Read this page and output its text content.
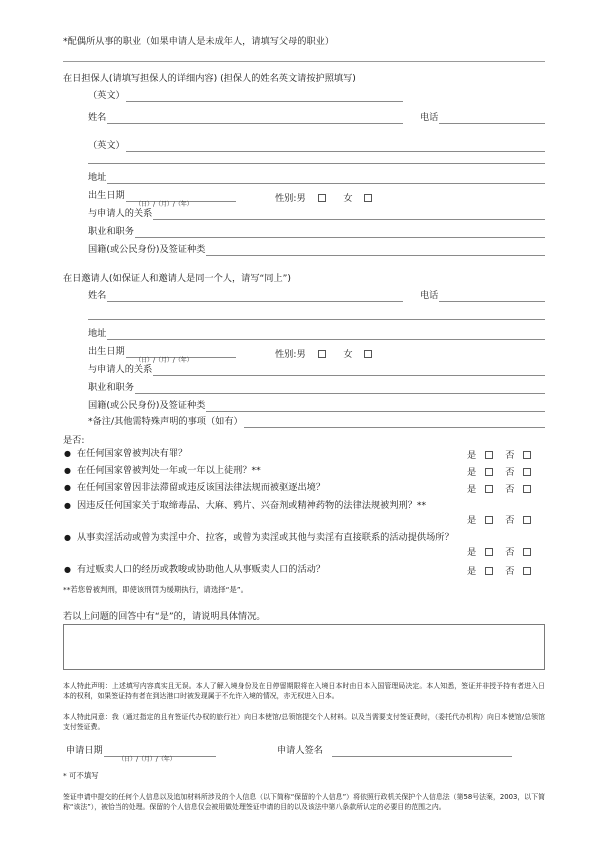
*配偶所从事的职业（如果申请人是未成年人，请填写父母的职业）
在日担保人(请填写担保人的详细内容) (担保人的姓名英文请按护照填写)
（英文）
姓名	电话
（英文）
地址
出生日期
（日）/（月）/（年）
性别:男	女
与申请人的关系
职业和职务
国籍(或公民身份)及签证种类
在日邀请人(如保证人和邀请人是同一个人，请写“同上”)
姓名	电话
地址
出生日期
（日）/（月）/（年）
性别:男	女
与申请人的关系
职业和职务
国籍(或公民身份)及签证种类
*备注/其他需特殊声明的事项（如有）
是否:
● 在任何国家曾被判决有罪？	是	否
● 在任何国家曾被判处一年或一年以上徒刑？**	是	否
● 在任何国家曾因非法滞留或违反该国法律法规而被驱逐出境？	是	否
● 因违反任何国家关于取缔毒品、大麻、鸦片、兴奋剂或精神药物的法律法规被判刑？**
是	否
● 从事卖淫活动或曾为卖淫中介、拉客，或曾为卖淫或其他与卖淫有直接联系的活动提供场所？
是	否
● 有过贩卖人口的经历或教唆或协助他人从事贩卖人口的活动？	是	否
**若您曾被判刑，即使该刑罚为缓期执行，请选择“是”。
若以上问题的回答中有“是”的，请说明具体情况。
本人特此声明：上述填写内容真实且无误。本人了解入境身份及在日停留期限将在入境日本时由日本入国管理局决定。本人知悉，签证并非授予持有者进入日本的权利，如果签证持有者在到达港口时被发现属于不允许入境的情况，亦无权进入日本。
本人特此同意：我（通过指定的且有签证代办权的旅行社）向日本使馆/总领馆提交个人材料。以及当需要支付签证费时，（委托代办机构）向日本使馆/总领馆支付签证费。
申请日期
（日）/（月）/（年）
申请人签名
* 可不填写
签证申请中提交的任何个人信息以及追加材料所涉及的个人信息（以下简称“保留的个人信息”）将依照行政机关保护个人信息法（第58号法案，2003，以下简称“该法”），被恰当的处理。保留的个人信息仅会被用做处理签证申请的目的以及该法中第八条款所认定的必要目的范围之内。
